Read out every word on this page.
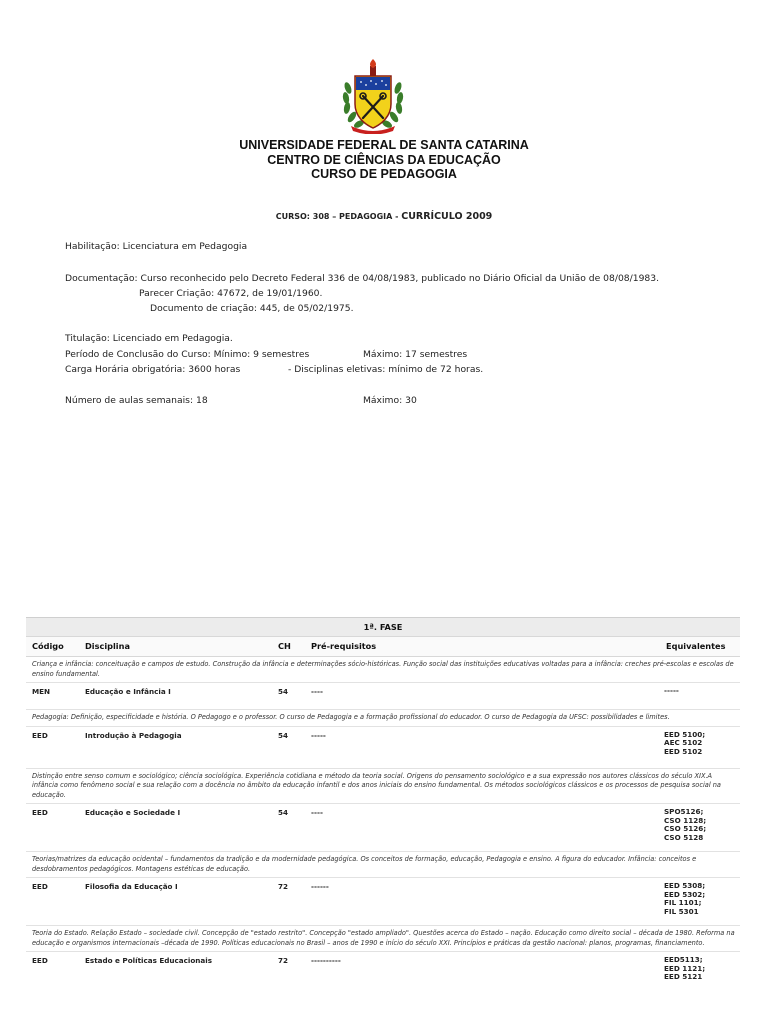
UNIVERSIDADE FEDERAL DE SANTA CATARINA
CENTRO DE CIÊNCIAS DA EDUCAÇÃO
CURSO DE PEDAGOGIA
CURSO: 308 – PEDAGOGIA - CURRÍCULO 2009
Habilitação: Licenciatura em Pedagogia
Documentação: Curso reconhecido pelo Decreto Federal 336 de 04/08/1983, publicado no Diário Oficial da União de 08/08/1983.
Parecer Criação: 47672, de 19/01/1960.
Documento de criação: 445, de 05/02/1975.
Titulação: Licenciado em Pedagogia.
Período de Conclusão do Curso: Mínimo: 9 semestres	Máximo: 17 semestres
Carga Horária obrigatória: 3600 horas	- Disciplinas eletivas: mínimo de 72 horas.
Número de aulas semanais: 18	Máximo: 30
1ª. FASE
Código	Disciplina	CH Pré-requisitos	Equivalentes
Criança e infância: conceituação e campos de estudo. Construção da infância e determinações sócio-históricas. Função social das instituições educativas voltadas para a infância: creches pré-escolas e escolas de ensino fundamental.
MEN	Educação e Infância I	54	----	-----
Pedagogia: Definição, especificidade e história. O Pedagogo e o professor. O curso de Pedagogia e a formação profissional do educador. O curso de Pedagogia da UFSC: possibilidades e limites.
EED	Introdução à Pedagogia	54	-----	EED 5100;
AEC 5102
EED 5102
Distinção entre senso comum e sociológico; ciência sociológica. Experiência cotidiana e método da teoria social. Origens do pensamento sociológico e a sua expressão nos autores clássicos do século XIX.A infância como fenômeno social e sua relação com a docência no âmbito da educação infantil e dos anos iniciais do ensino fundamental. Os métodos sociológicos clássicos e os processos de pesquisa social na educação.
EED	Educação e Sociedade I	54	----	SPO5126;
CSO 1128;
CSO 5126;
CSO 5128
Teorias/matrizes da educação ocidental – fundamentos da tradição e da modernidade pedagógica. Os conceitos de formação, educação, Pedagogia e ensino. A figura do educador. Infância: conceitos e desdobramentos pedagógicos. Montagens estéticas de educação.
EED	Filosofia da Educação I	72	------	EED 5308;
EED 5302;
FIL 1101;
FIL 5301
Teoria do Estado. Relação Estado – sociedade civil. Concepção de "estado restrito". Concepção "estado ampliado". Questões acerca do Estado – nação. Educação como direito social – década de 1980. Reforma na educação e organismos internacionais –década de 1990. Políticas educacionais no Brasil – anos de 1990 e início do século XXI. Princípios e práticas da gestão nacional: planos, programas, financiamento.
EED	Estado e Políticas Educacionais	72	----------	EED5113;
EED 1121;
EED 5121
